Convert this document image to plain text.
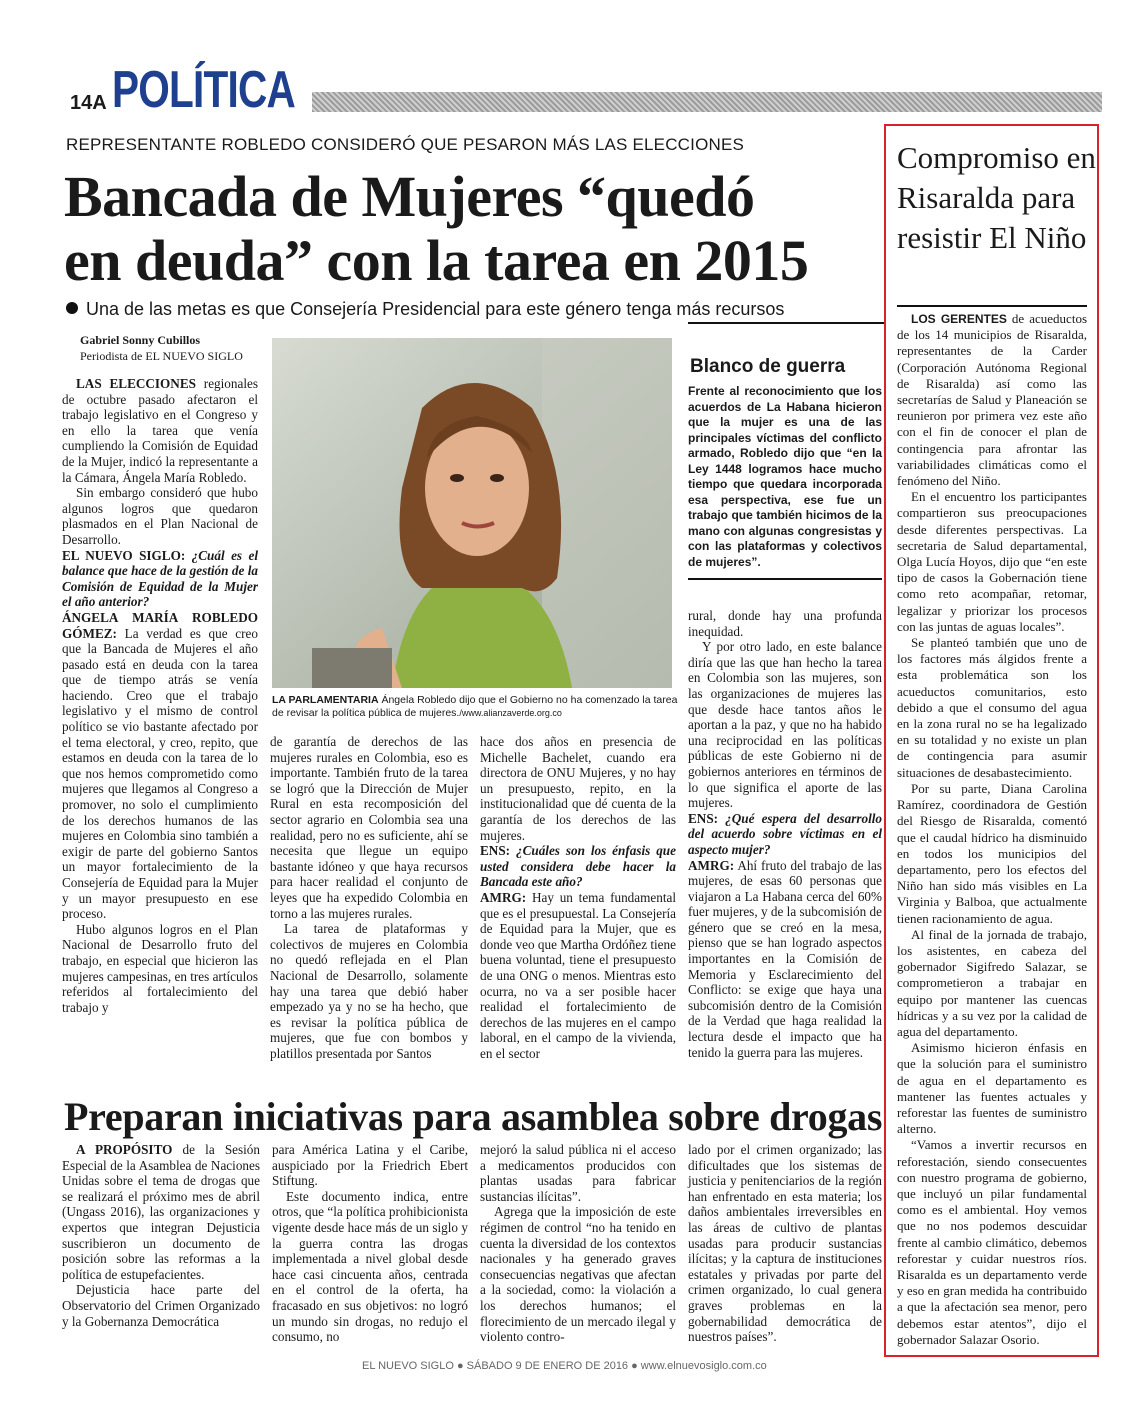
14A POLÍTICA
REPRESENTANTE ROBLEDO CONSIDERÓ QUE PESARON MÁS LAS ELECCIONES
Bancada de Mujeres “quedó
en deuda” con la tarea en 2015
Una de las metas es que Consejería Presidencial para este género tenga más recursos
Gabriel Sonny Cubillos
Periodista de EL NUEVO SIGLO

LAS ELECCIONES regionales de octubre pasado afectaron el trabajo legislativo en el Congreso y en ello la tarea que venía cumpliendo la Comisión de Equidad de la Mujer, indicó la representante a la Cámara, Ángela María Robledo.

Sin embargo consideró que hubo algunos logros que quedaron plasmados en el Plan Nacional de Desarrollo.

EL NUEVO SIGLO: ¿Cuál es el balance que hace de la gestión de la Comisión de Equidad de la Mujer el año anterior?

ÁNGELA MARÍA ROBLEDO GÓMEZ: La verdad es que creo que la Bancada de Mujeres el año pasado está en deuda con la tarea que de tiempo atrás se venía haciendo. Creo que el trabajo legislativo y el mismo de control político se vio bastante afectado por el tema electoral, y creo, repito, que estamos en deuda con la tarea de lo que nos hemos comprometido como mujeres que llegamos al Congreso a promover, no solo el cumplimiento de los derechos humanos de las mujeres en Colombia sino también a exigir de parte del gobierno Santos un mayor fortalecimiento de la Consejería de Equidad para la Mujer y un mayor presupuesto en ese proceso.

Hubo algunos logros en el Plan Nacional de Desarrollo fruto del trabajo, en especial que hicieron las mujeres campesinas, en tres artículos referidos al fortalecimiento del trabajo y

LA PARLAMENTARIA Ángela Robledo dijo que el Gobierno no ha comenzado la tarea de revisar la política pública de mujeres./www.alianzaverde.org.co
Blanco de guerra
Frente al reconocimiento que los acuerdos de La Habana hicieron que la mujer es una de las principales víctimas del conflicto armado, Robledo dijo que “en la Ley 1448 logramos hace mucho tiempo que quedara incorporada esa perspectiva, ese fue un trabajo que también hicimos de la mano con algunas congresistas y con las plataformas y colectivos de mujeres”.

de garantía de derechos de las mujeres rurales en Colombia, eso es importante. También fruto de la tarea se logró que la Dirección de Mujer Rural en esta recomposición del sector agrario en Colombia sea una realidad, pero no es suficiente, ahí se necesita que llegue un equipo bastante idóneo y que haya recursos para hacer realidad el conjunto de leyes que ha expedido Colombia en torno a las mujeres rurales.

La tarea de plataformas y colectivos de mujeres en Colombia no quedó reflejada en el Plan Nacional de Desarrollo, solamente hay una tarea que debió haber empezado ya y no se ha hecho, que es revisar la política pública de mujeres, que fue con bombos y platillos presentada por Santos

hace dos años en presencia de Michelle Bachelet, cuando era directora de ONU Mujeres, y no hay un presupuesto, repito, en la institucionalidad que dé cuenta de la garantía de los derechos de las mujeres.

ENS: ¿Cuáles son los énfasis que usted considera debe hacer la Bancada este año?

AMRG: Hay un tema fundamental que es el presupuestal. La Consejería de Equidad para la Mujer, que es donde veo que Martha Ordóñez tiene buena voluntad, tiene el presupuesto de una ONG o menos. Mientras esto ocurra, no va a ser posible hacer realidad el fortalecimiento de derechos de las mujeres en el campo laboral, en el campo de la vivienda, en el sector

rural, donde hay una profunda inequidad.

Y por otro lado, en este balance diría que las que han hecho la tarea en Colombia son las mujeres, son las organizaciones de mujeres las que desde hace tantos años le aportan a la paz, y que no ha habido una reciprocidad en las políticas públicas de este Gobierno ni de gobiernos anteriores en términos de lo que significa el aporte de las mujeres.

ENS: ¿Qué espera del desarrollo del acuerdo sobre víctimas en el aspecto mujer?

AMRG: Ahí fruto del trabajo de las mujeres, de esas 60 personas que viajaron a La Habana cerca del 60% fuer mujeres, y de la subcomisión de género que se creó en la mesa, pienso que se han logrado aspectos importantes en la Comisión de Memoria y Esclarecimiento del Conflicto: se exige que haya una subcomisión dentro de la Comisión de la Verdad que haga realidad la lectura desde el impacto que ha tenido la guerra para las mujeres.

Preparan iniciativas para asamblea sobre drogas

A PROPÓSITO de la Sesión Especial de la Asamblea de Naciones Unidas sobre el tema de drogas que se realizará el próximo mes de abril (Ungass 2016), las organizaciones y expertos que integran Dejusticia suscribieron un documento de posición sobre las reformas a la política de estupefacientes.

Dejusticia hace parte del Observatorio del Crimen Organizado y la Gobernanza Democrática

para América Latina y el Caribe, auspiciado por la Friedrich Ebert Stiftung.

Este documento indica, entre otros, que “la política prohibicionista vigente desde hace más de un siglo y la guerra contra las drogas implementada a nivel global desde hace casi cincuenta años, centrada en el control de la oferta, ha fracasado en sus objetivos: no logró un mundo sin drogas, no redujo el consumo, no

mejoró la salud pública ni el acceso a medicamentos producidos con plantas usadas para fabricar sustancias ilícitas”.

Agrega que la imposición de este régimen de control “no ha tenido en cuenta la diversidad de los contextos nacionales y ha generado graves consecuencias negativas que afectan a la sociedad, como: la violación a los derechos humanos; el florecimiento de un mercado ilegal y violento contro-

lado por el crimen organizado; las dificultades que los sistemas de justicia y penitenciarios de la región han enfrentado en esta materia; los daños ambientales irreversibles en las áreas de cultivo de plantas usadas para producir sustancias ilícitas; y la captura de instituciones estatales y privadas por parte del crimen organizado, lo cual genera graves problemas en la gobernabilidad democrática de nuestros países”.

Compromiso en Risaralda para resistir El Niño

LOS GERENTES de acueductos de los 14 municipios de Risaralda, representantes de la Carder (Corporación Autónoma Regional de Risaralda) así como las secretarías de Salud y Planeación se reunieron por primera vez este año con el fin de conocer el plan de contingencia para afrontar las variabilidades climáticas como el fenómeno del Niño.

En el encuentro los participantes compartieron sus preocupaciones desde diferentes perspectivas. La secretaria de Salud departamental, Olga Lucía Hoyos, dijo que “en este tipo de casos la Gobernación tiene como reto acompañar, retomar, legalizar y priorizar los procesos con las juntas de aguas locales”.

Se planteó también que uno de los factores más álgidos frente a esta problemática son los acueductos comunitarios, esto debido a que el consumo del agua en la zona rural no se ha legalizado en su totalidad y no existe un plan de contingencia para asumir situaciones de desabastecimiento.

Por su parte, Diana Carolina Ramírez, coordinadora de Gestión del Riesgo de Risaralda, comentó que el caudal hídrico ha disminuido en todos los municipios del departamento, pero los efectos del Niño han sido más visibles en La Virginia y Balboa, que actualmente tienen racionamiento de agua.

Al final de la jornada de trabajo, los asistentes, en cabeza del gobernador Sigifredo Salazar, se comprometieron a trabajar en equipo por mantener las cuencas hídricas y a su vez por la calidad de agua del departamento.

Asimismo hicieron énfasis en que la solución para el suministro de agua en el departamento es mantener las fuentes actuales y reforestar las fuentes de suministro alterno.

“Vamos a invertir recursos en reforestación, siendo consecuentes con nuestro programa de gobierno, que incluyó un pilar fundamental como es el ambiental. Hoy vemos que no nos podemos descuidar frente al cambio climático, debemos reforestar y cuidar nuestros ríos. Risaralda es un departamento verde y eso en gran medida ha contribuido a que la afectación sea menor, pero debemos estar atentos”, dijo el gobernador Salazar Osorio.

EL NUEVO SIGLO ● SÁBADO 9 DE ENERO DE 2016 ● www.elnuevosiglo.com.co
